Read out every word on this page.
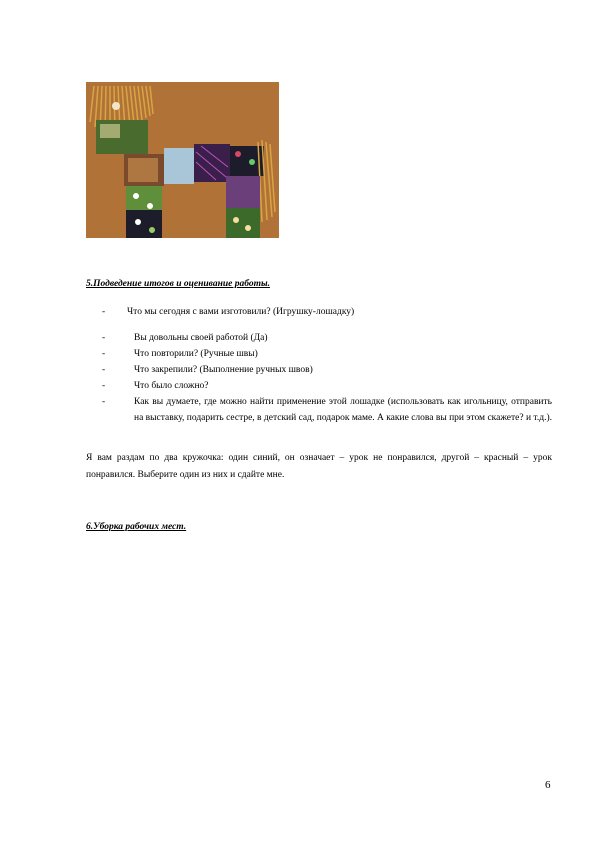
5.Подведение итогов и оценивание работы.
- Что мы сегодня с вами изготовили? (Игрушку-лошадку)
-	Вы довольны своей работой (Да)
-	Что повторили? (Ручные швы)
-	Что закрепили? (Выполнение ручных швов)
-	Что было сложно?
-	Как вы думаете, где можно найти применение этой лошадке (использовать как игольницу, отправить на выставку, подарить сестре, в детский сад, подарок маме. А какие слова вы при этом скажете? и т.д.).
Я вам раздам по два кружочка: один синий, он означает – урок не понравился, другой – красный – урок понравился. Выберите один из них и сдайте мне.
6.Уборка рабочих мест.
6
